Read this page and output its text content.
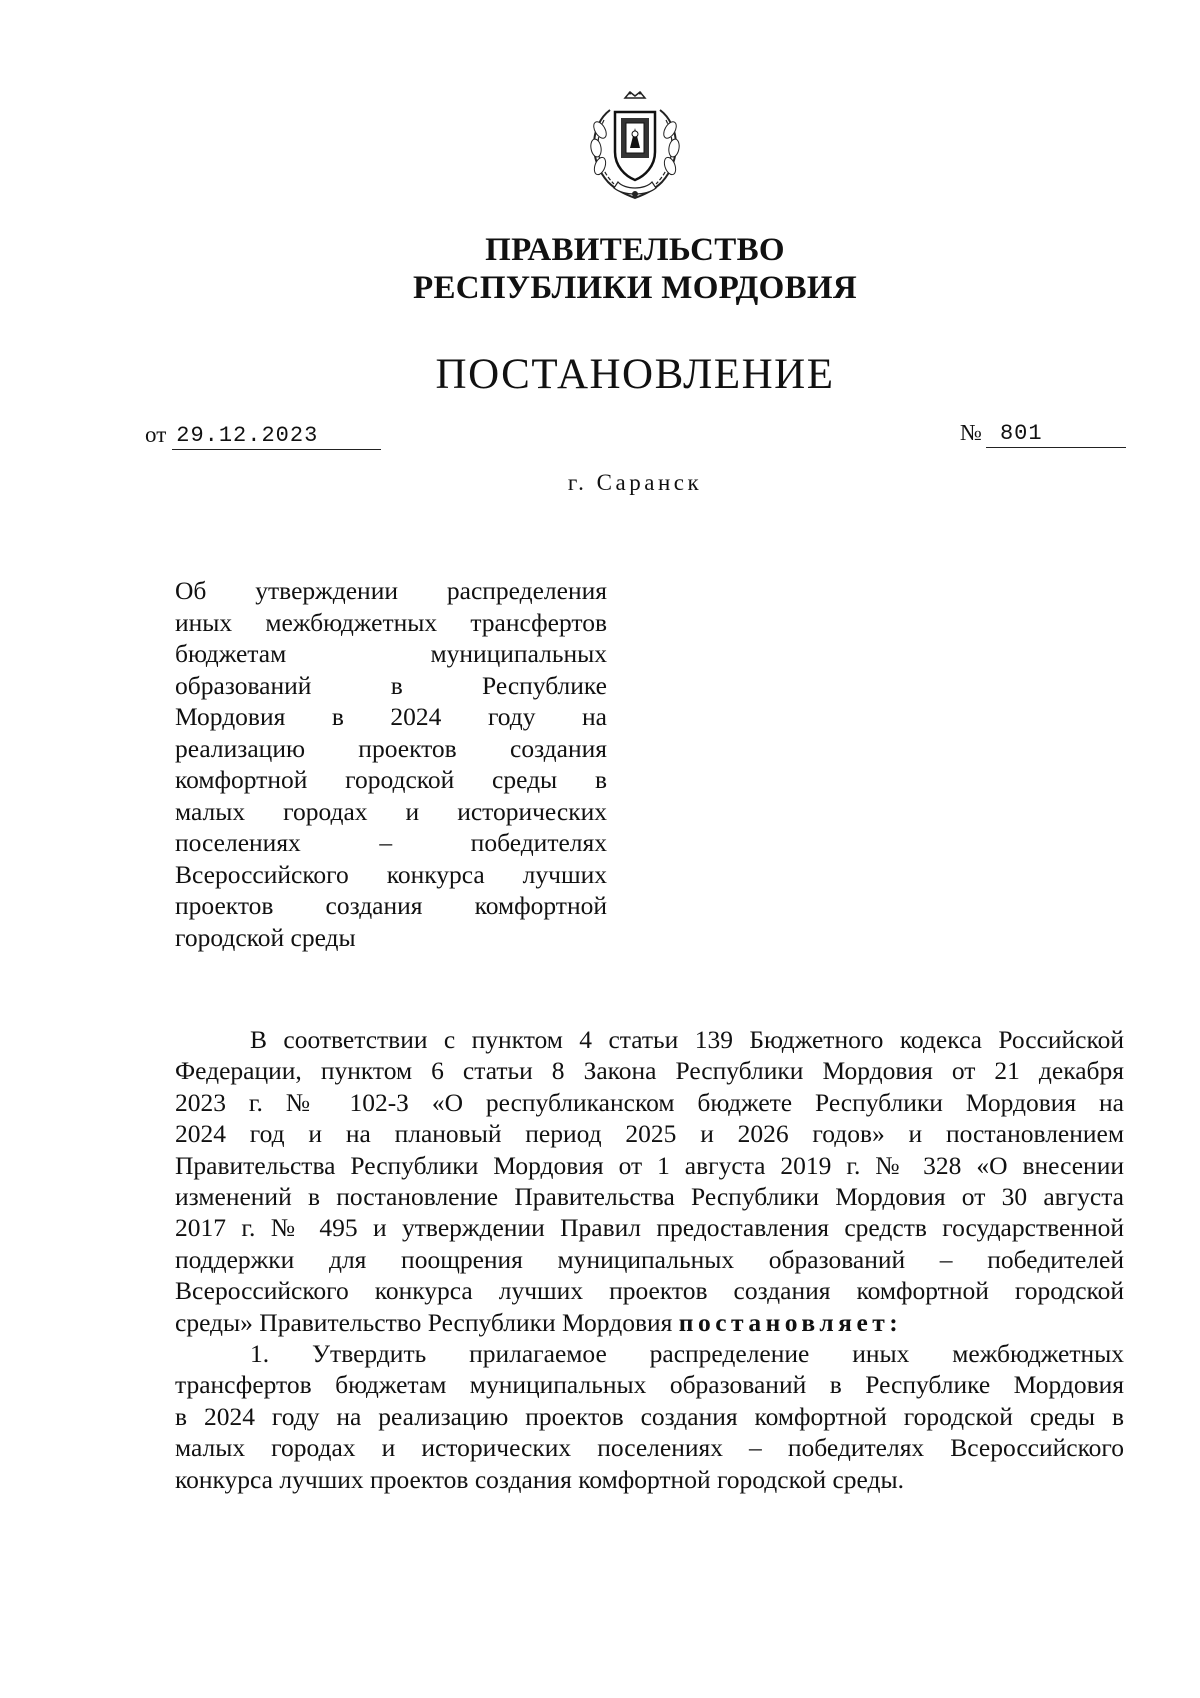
ПРАВИТЕЛЬСТВО
РЕСПУБЛИКИ МОРДОВИЯ
ПОСТАНОВЛЕНИЕ
от 29.12.2023	№ 801
г. Саранск
Об утверждении распределения
иных межбюджетных трансфертов
бюджетам муниципальных
образований в Республике
Мордовия в 2024 году на
реализацию проектов создания
комфортной городской среды в
малых городах и исторических
поселениях – победителях
Всероссийского конкурса лучших
проектов создания комфортной
городской среды
В соответствии с пунктом 4 статьи 139 Бюджетного кодекса Российской
Федерации, пунктом 6 статьи 8 Закона Республики Мордовия от 21 декабря
2023 г. № 102-З «О республиканском бюджете Республики Мордовия на
2024 год и на плановый период 2025 и 2026 годов» и постановлением
Правительства Республики Мордовия от 1 августа 2019 г. № 328 «О внесении
изменений в постановление Правительства Республики Мордовия от 30 августа
2017 г. № 495 и утверждении Правил предоставления средств государственной
поддержки для поощрения муниципальных образований – победителей
Всероссийского конкурса лучших проектов создания комфортной городской
среды» Правительство Республики Мордовия постановляет:
1. Утвердить прилагаемое распределение иных межбюджетных
трансфертов бюджетам муниципальных образований в Республике Мордовия
в 2024 году на реализацию проектов создания комфортной городской среды в
малых городах и исторических поселениях – победителях Всероссийского
конкурса лучших проектов создания комфортной городской среды.
